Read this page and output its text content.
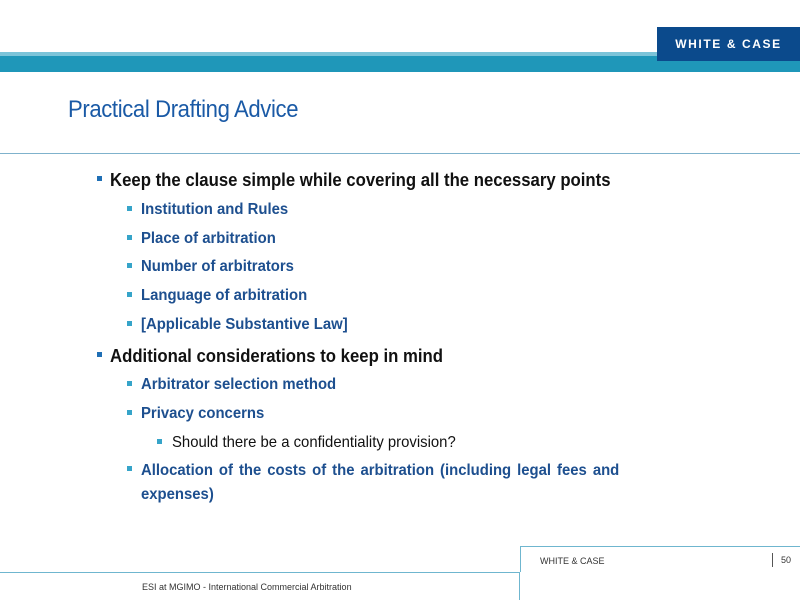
WHITE & CASE
Practical Drafting Advice
Keep the clause simple while covering all the necessary points
Institution and Rules
Place of arbitration
Number of arbitrators
Language of arbitration
[Applicable Substantive Law]
Additional considerations to keep in mind
Arbitrator selection method
Privacy concerns
Should there be a confidentiality provision?
Allocation of the costs of the arbitration (including legal fees and expenses)
WHITE & CASE	50
ESI at MGIMO - International Commercial Arbitration
